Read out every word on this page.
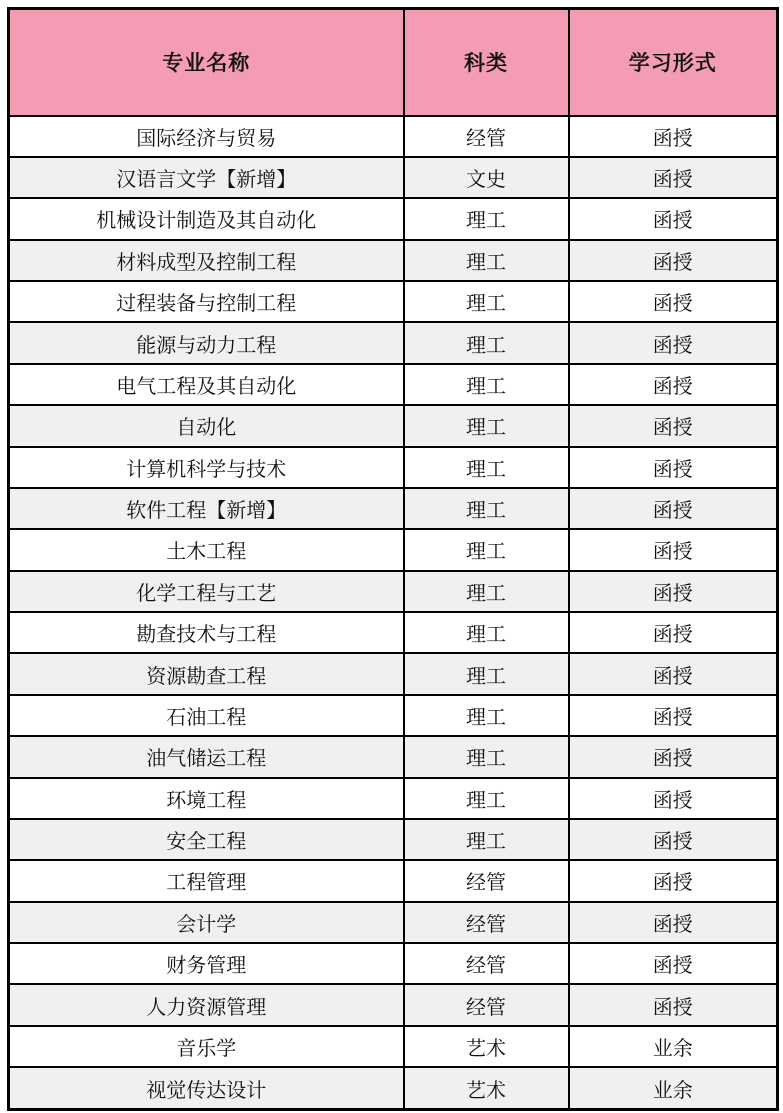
专业名称	科类	学习形式
国际经济与贸易	经管	函授
汉语言文学【新增】	文史	函授
机械设计制造及其自动化	理工	函授
材料成型及控制工程	理工	函授
过程装备与控制工程	理工	函授
能源与动力工程	理工	函授
电气工程及其自动化	理工	函授
自动化	理工	函授
计算机科学与技术	理工	函授
软件工程【新增】	理工	函授
土木工程	理工	函授
化学工程与工艺	理工	函授
勘查技术与工程	理工	函授
资源勘查工程	理工	函授
石油工程	理工	函授
油气储运工程	理工	函授
环境工程	理工	函授
安全工程	理工	函授
工程管理	经管	函授
会计学	经管	函授
财务管理	经管	函授
人力资源管理	经管	函授
音乐学	艺术	业余
视觉传达设计	艺术	业余
